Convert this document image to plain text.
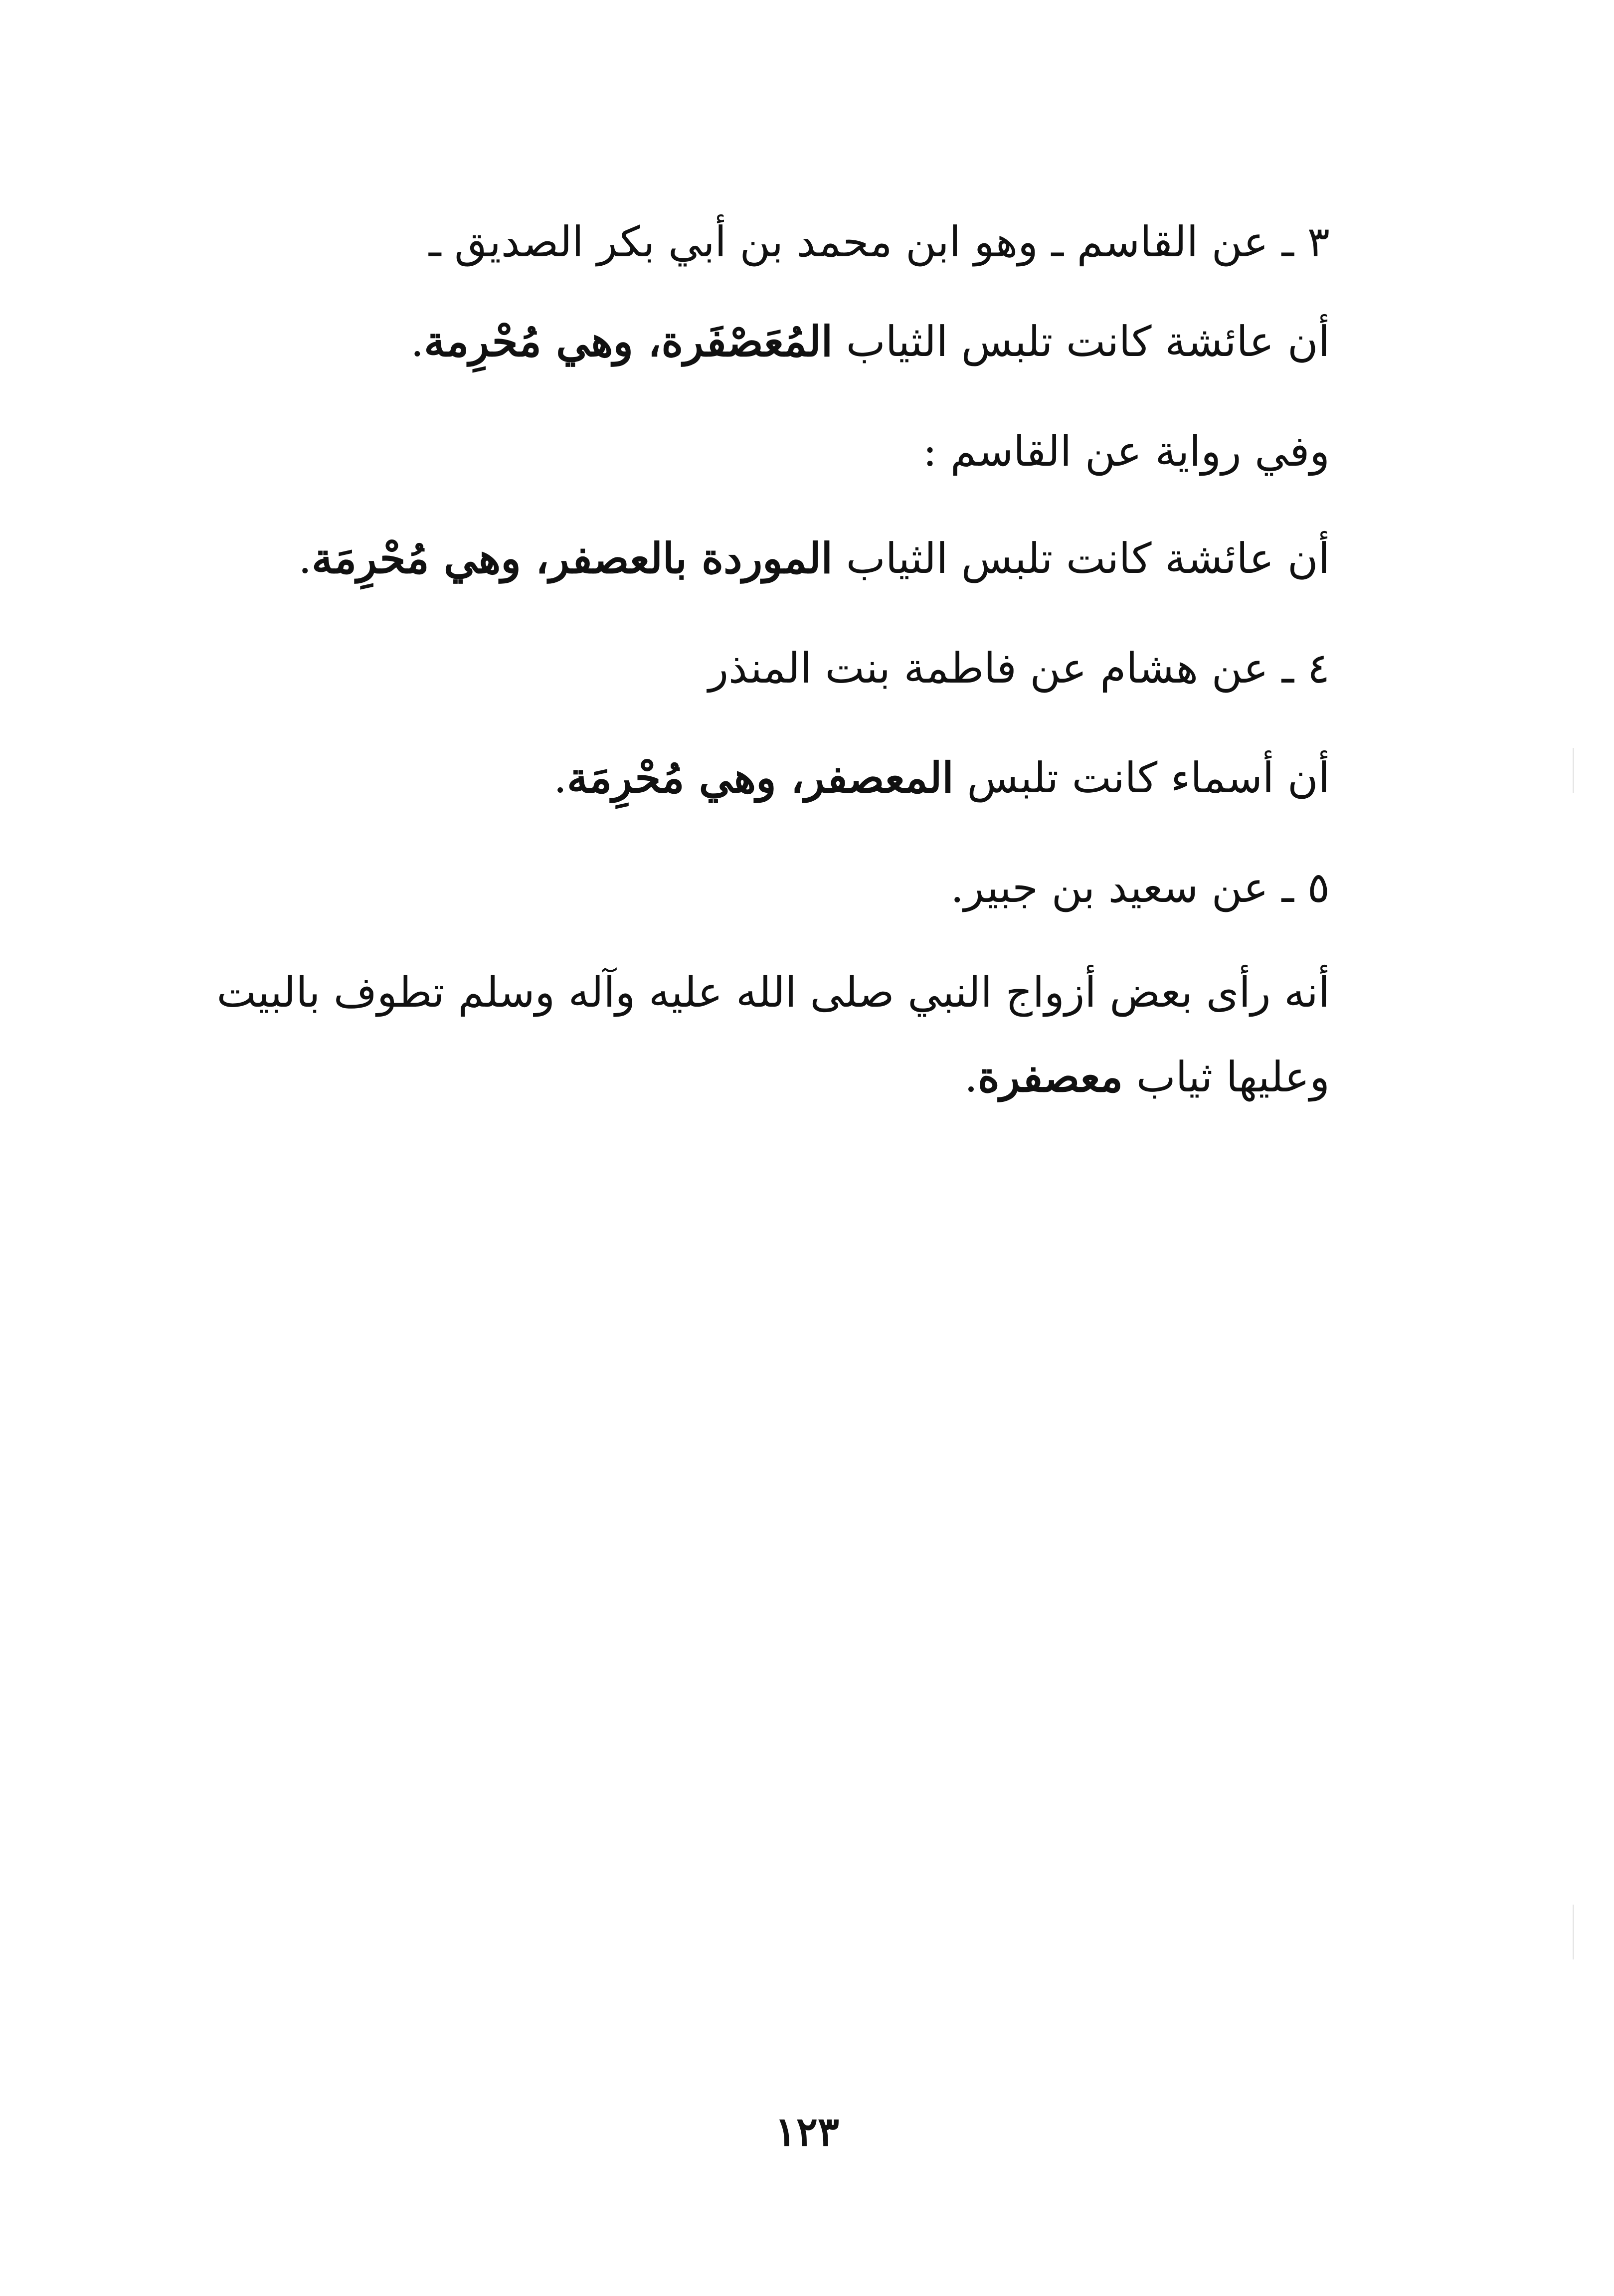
٣ ـ عن القاسم ـ وهو ابن محمد بن أبي بكر الصديق ـ
أن عائشة كانت تلبس الثياب المُعَصْفَرة، وهي مُحْرِمة.
وفي رواية عن القاسم :
أن عائشة كانت تلبس الثياب الموردة بالعصفر، وهي مُحْرِمَة.
٤ ـ عن هشام عن فاطمة بنت المنذر
أن أسماء كانت تلبس المعصفر، وهي مُحْرِمَة.
٥ ـ عن سعيد بن جبير.
أنه رأى بعض أزواج النبي صلى الله عليه وآله وسلم تطوف بالبيت
وعليها ثياب معصفرة.
١٢٣
